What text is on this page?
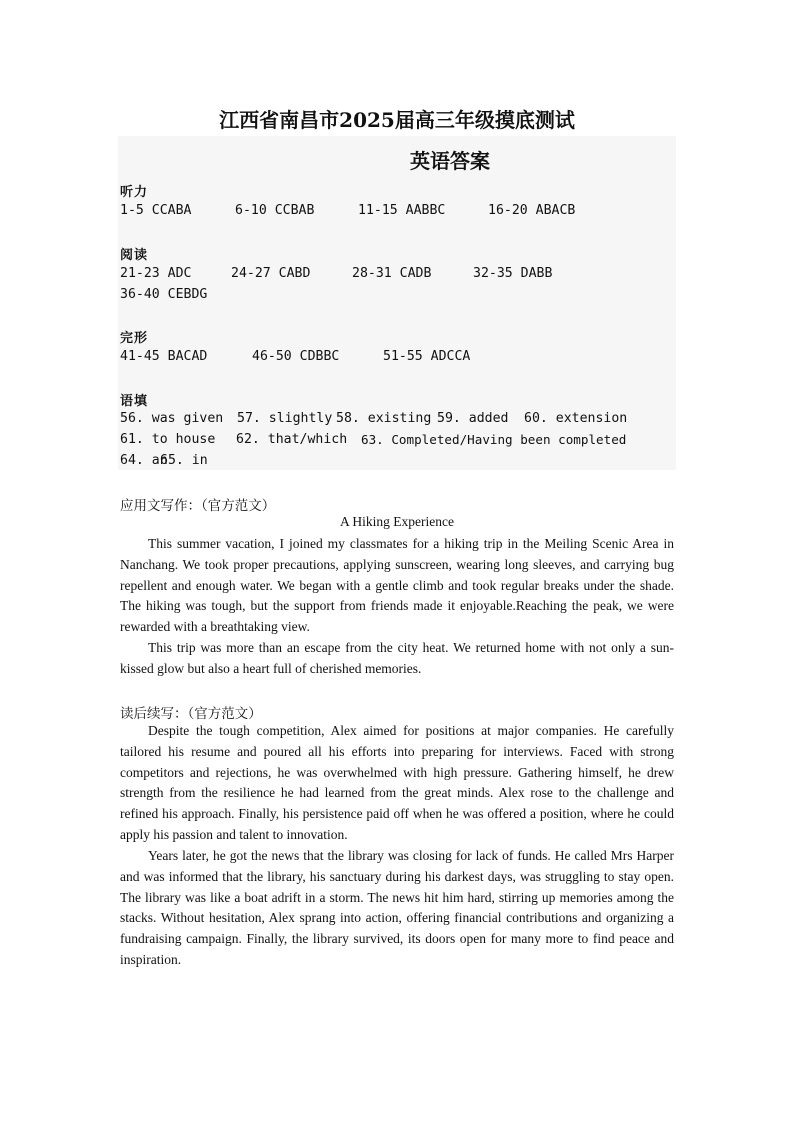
江西省南昌市2025届高三年级摸底测试
英语答案
听力
1-5 CCABA	6-10 CCBAB	11-15 AABBC	16-20 ABACB
阅读
21-23 ADC	24-27 CABD	28-31 CADB	32-35 DABB
36-40 CEBDG
完形
41-45 BACAD	46-50 CDBBC	51-55 ADCCA
语填
56. was given 57. slightly 58. existing 59. added 60. extension
61. to house 62. that/which 63. Completed/Having been completed
64. an
65. in
应用文写作：（官方范文）
A Hiking Experience
This summer vacation, I joined my classmates for a hiking trip in the Meiling Scenic Area in Nanchang. We took proper precautions, applying sunscreen, wearing long sleeves, and carrying bug repellent and enough water. We began with a gentle climb and took regular breaks under the shade. The hiking was tough, but the support from friends made it enjoyable.Reaching the peak, we were rewarded with a breathtaking view.
This trip was more than an escape from the city heat. We returned home with not only a sun-kissed glow but also a heart full of cherished memories.
读后续写：（官方范文）
Despite the tough competition, Alex aimed for positions at major companies. He carefully tailored his resume and poured all his efforts into preparing for interviews. Faced with strong competitors and rejections, he was overwhelmed with high pressure. Gathering himself, he drew strength from the resilience he had learned from the great minds. Alex rose to the challenge and refined his approach. Finally, his persistence paid off when he was offered a position, where he could apply his passion and talent to innovation.
Years later, he got the news that the library was closing for lack of funds. He called Mrs Harper and was informed that the library, his sanctuary during his darkest days, was struggling to stay open. The library was like a boat adrift in a storm. The news hit him hard, stirring up memories among the stacks. Without hesitation, Alex sprang into action, offering financial contributions and organizing a fundraising campaign. Finally, the library survived, its doors open for many more to find peace and inspiration.
